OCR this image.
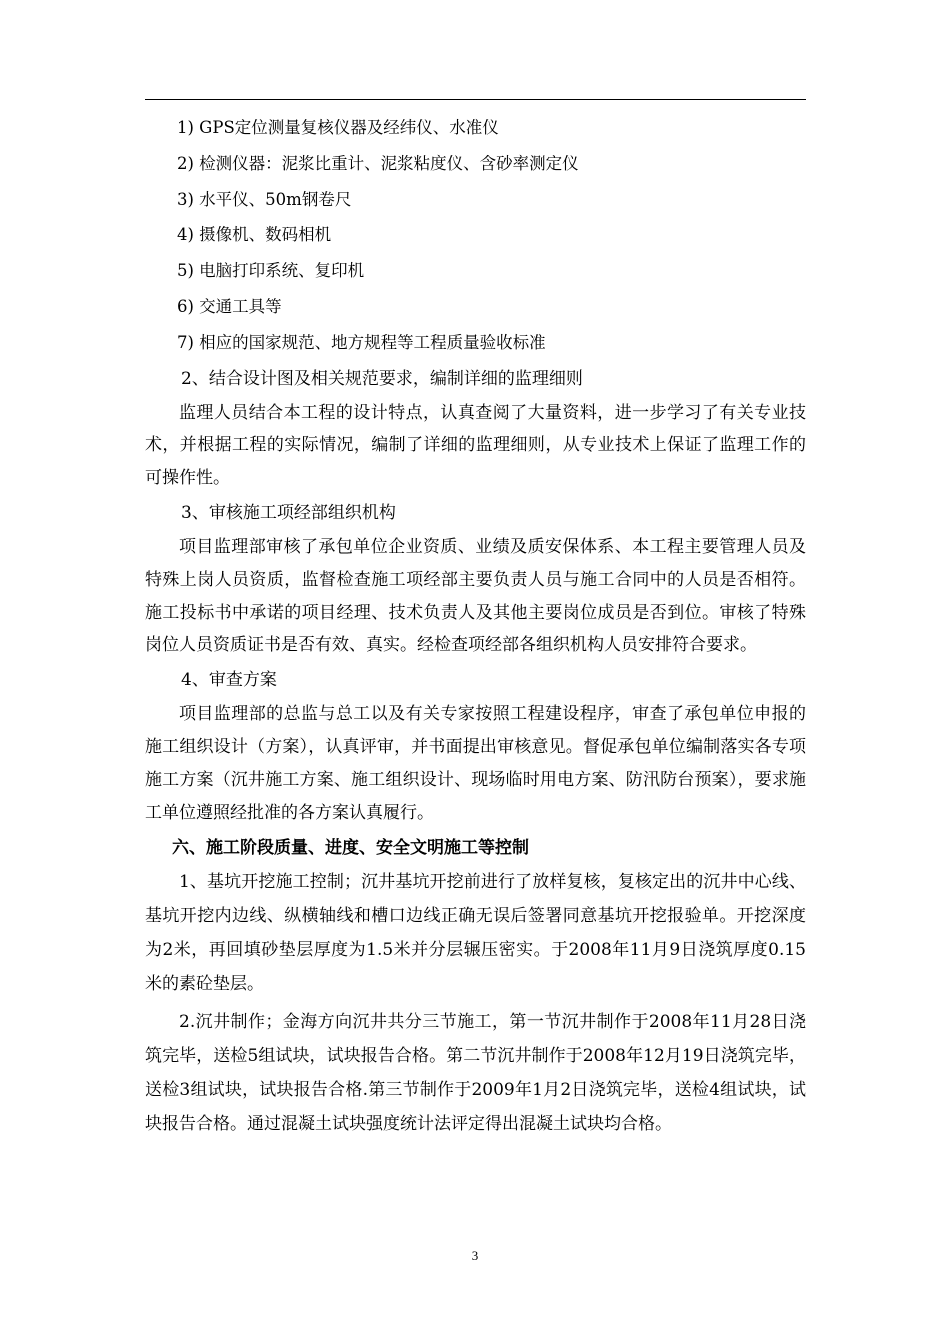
1) GPS定位测量复核仪器及经纬仪、水准仪
2) 检测仪器：泥浆比重计、泥浆粘度仪、含砂率测定仪
3) 水平仪、50m钢卷尺
4) 摄像机、数码相机
5) 电脑打印系统、复印机
6) 交通工具等
7) 相应的国家规范、地方规程等工程质量验收标准
2、结合设计图及相关规范要求，编制详细的监理细则

监理人员结合本工程的设计特点，认真查阅了大量资料，进一步学习了有关专业技术，并根据工程的实际情况，编制了详细的监理细则，从专业技术上保证了监理工作的可操作性。

3、审核施工项经部组织机构

项目监理部审核了承包单位企业资质、业绩及质安保体系、本工程主要管理人员及特殊上岗人员资质，监督检查施工项经部主要负责人员与施工合同中的人员是否相符。施工投标书中承诺的项目经理、技术负责人及其他主要岗位成员是否到位。审核了特殊岗位人员资质证书是否有效、真实。经检查项经部各组织机构人员安排符合要求。

4、审查方案

项目监理部的总监与总工以及有关专家按照工程建设程序，审查了承包单位申报的施工组织设计（方案），认真评审，并书面提出审核意见。督促承包单位编制落实各专项施工方案（沉井施工方案、施工组织设计、现场临时用电方案、防汛防台预案），要求施工单位遵照经批准的各方案认真履行。

六、施工阶段质量、进度、安全文明施工等控制

1、基坑开挖施工控制；沉井基坑开挖前进行了放样复核，复核定出的沉井中心线、基坑开挖内边线、纵横轴线和槽口边线正确无误后签署同意基坑开挖报验单。开挖深度为2米，再回填砂垫层厚度为1.5米并分层辗压密实。于2008年11月9日浇筑厚度0.15米的素砼垫层。

2.沉井制作；金海方向沉井共分三节施工，第一节沉井制作于2008年11月28日浇筑完毕，送检5组试块，试块报告合格。第二节沉井制作于2008年12月19日浇筑完毕，送检3组试块，试块报告合格.第三节制作于2009年1月2日浇筑完毕，送检4组试块，试块报告合格。通过混凝土试块强度统计法评定得出混凝土试块均合格。

3
